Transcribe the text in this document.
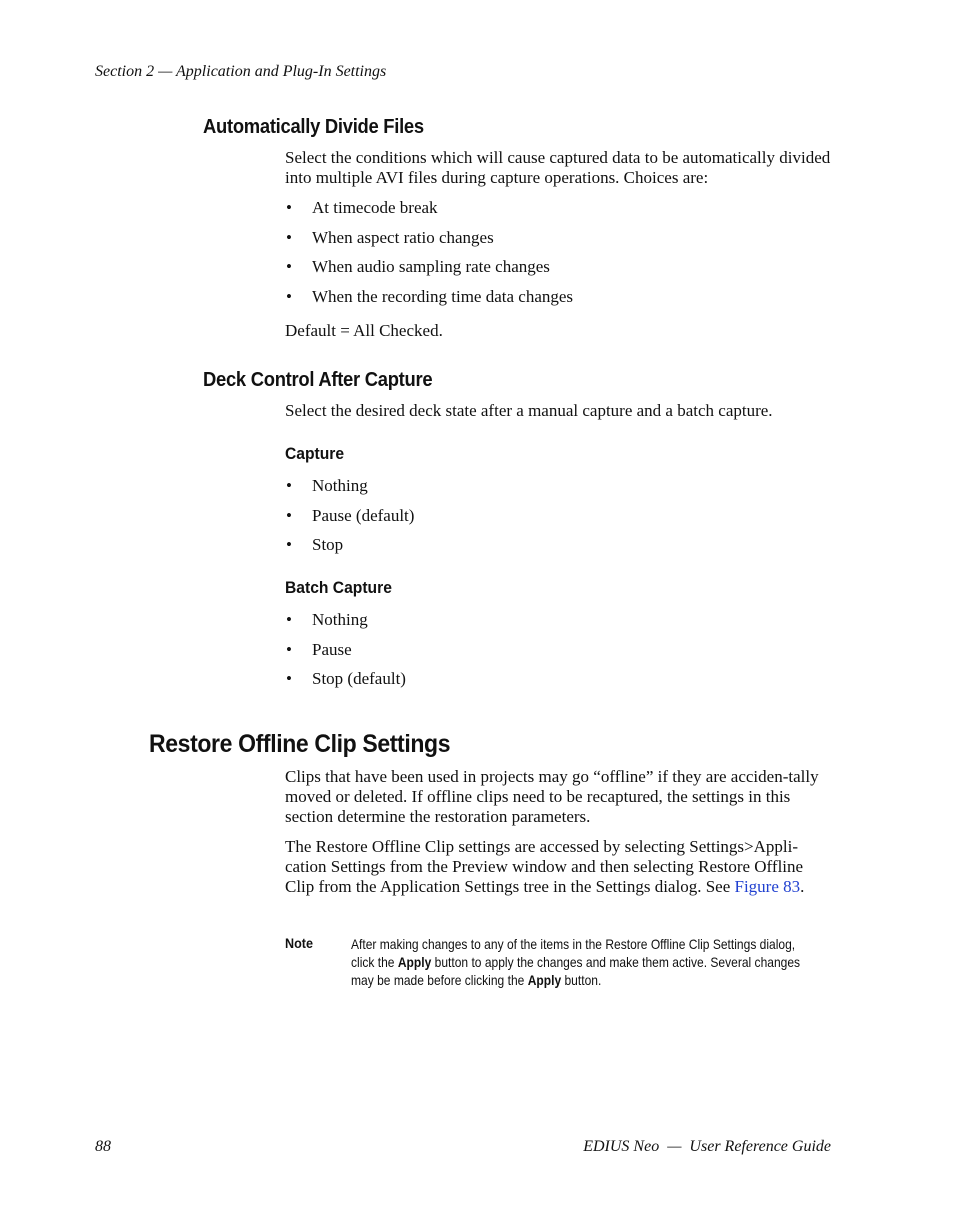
Section 2 — Application and Plug-In Settings
Automatically Divide Files
Select the conditions which will cause captured data to be automatically divided into multiple AVI files during capture operations. Choices are:
• At timecode break
• When aspect ratio changes
• When audio sampling rate changes
• When the recording time data changes
Default = All Checked.
Deck Control After Capture
Select the desired deck state after a manual capture and a batch capture.
Capture
• Nothing
• Pause (default)
• Stop
Batch Capture
• Nothing
• Pause
• Stop (default)
Restore Offline Clip Settings
Clips that have been used in projects may go “offline” if they are acciden-tally moved or deleted. If offline clips need to be recaptured, the settings in this section determine the restoration parameters.
The Restore Offline Clip settings are accessed by selecting Settings>Appli-cation Settings from the Preview window and then selecting Restore Offline Clip from the Application Settings tree in the Settings dialog. See Figure 83.
Note	After making changes to any of the items in the Restore Offline Clip Settings dialog, click the Apply button to apply the changes and make them active. Several changes may be made before clicking the Apply button.
88	EDIUS Neo  —  User Reference Guide
